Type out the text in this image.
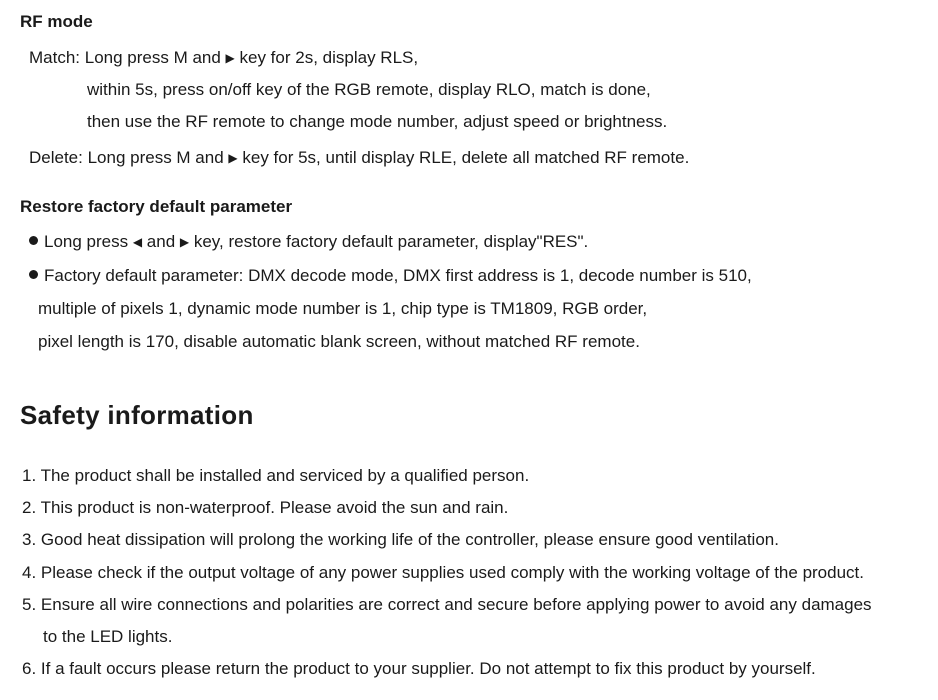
RF mode
Match: Long press M and ▶ key for 2s, display RLS,
within 5s, press on/off key of the RGB remote, display RLO, match is done,
then use the RF remote to change mode number, adjust speed or brightness.
Delete: Long press M and ▶ key for 5s, until display RLE, delete all matched RF remote.
Restore factory default parameter
Long press ◀ and ▶ key, restore factory default parameter, display"RES".
Factory default parameter: DMX decode mode, DMX first address is 1, decode number is 510,
multiple of pixels 1, dynamic mode number is 1, chip type is TM1809, RGB order,
pixel length is 170, disable automatic blank screen, without matched RF remote.
Safety information
1. The product shall be installed and serviced by a qualified person.
2. This product is non-waterproof. Please avoid the sun and rain.
3. Good heat dissipation will prolong the working life of the controller, please ensure good ventilation.
4. Please check if the output voltage of any power supplies used comply with the working voltage of the product.
5. Ensure all wire connections and polarities are correct and secure before applying power to avoid any damages
to the LED lights.
6. If a fault occurs please return the product to your supplier. Do not attempt to fix this product by yourself.
